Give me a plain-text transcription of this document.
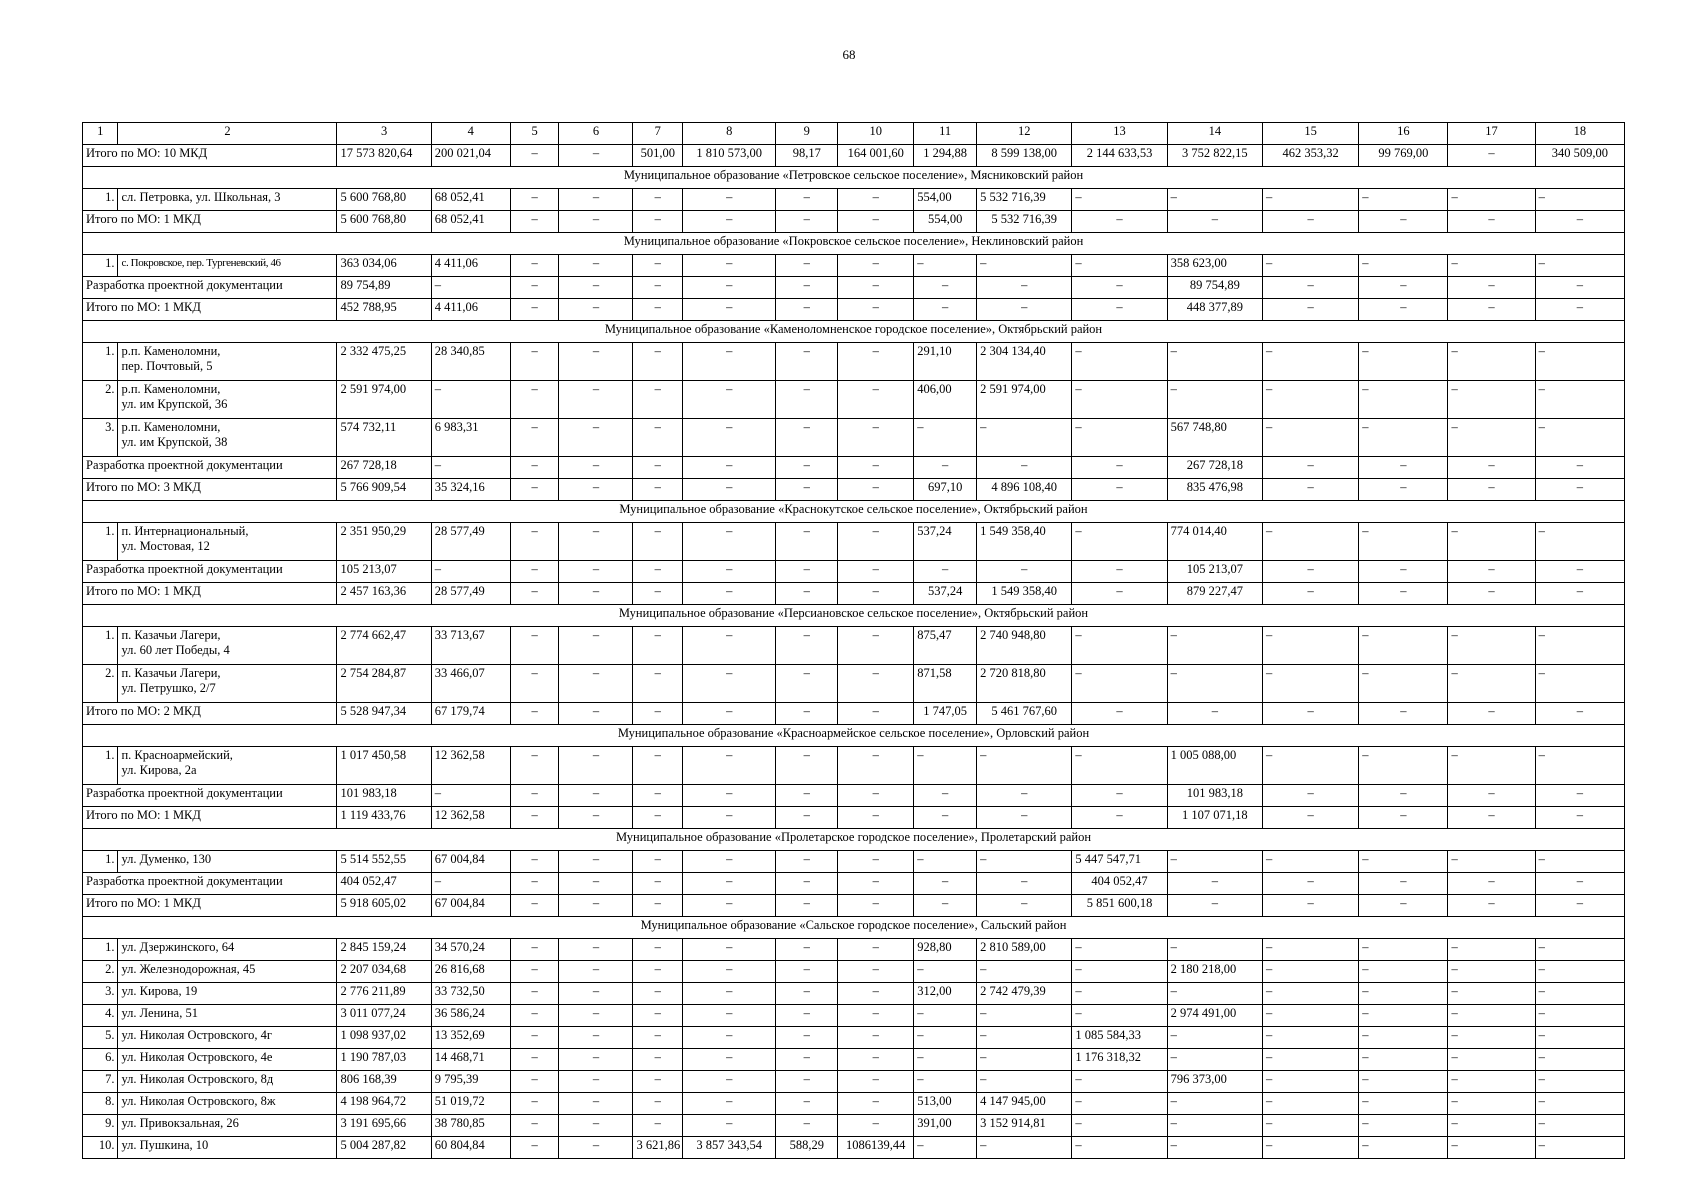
68
1	2	3	4	5	6	7	8	9	10	11	12	13	14	15	16	17	18
Итого по МО: 10 МКД		17 573 820,64	200 021,04	–	–	501,00	1 810 573,00	98,17	164 001,60	1 294,88	8 599 138,00	2 144 633,53	3 752 822,15	462 353,32	99 769,00	–	340 509,00
Муниципальное образование «Петровское сельское поселение», Мясниковский район																	
1.	сл. Петровка, ул. Школьная, 3	5 600 768,80	68 052,41	–	–	–	–	–	–	554,00	5 532 716,39	–	–	–	–	–	–
Итого по МО: 1 МКД		5 600 768,80	68 052,41	–	–	–	–	–	–	554,00	5 532 716,39	–	–	–	–	–	–
Муниципальное образование «Покровское сельское поселение», Неклиновский район																	
1.	с. Покровское, пер. Тургеневский, 46	363 034,06	4 411,06	–	–	–	–	–	–	–	–	–	358 623,00	–	–	–	–
Разработка проектной документации		89 754,89	–	–	–	–	–	–	–	–	–	–	89 754,89	–	–	–	–
Итого по МО: 1 МКД		452 788,95	4 411,06	–	–	–	–	–	–	–	–	–	448 377,89	–	–	–	–
Муниципальное образование «Каменоломненское городское поселение», Октябрьский район																	
1.	р.п. Каменоломни,
пер. Почтовый, 5	2 332 475,25	28 340,85	–	–	–	–	–	–	291,10	2 304 134,40	–	–	–	–	–	–
2.	р.п. Каменоломни,
ул. им Крупской, 36	2 591 974,00	–	–	–	–	–	–	–	406,00	2 591 974,00	–	–	–	–	–	–
3.	р.п. Каменоломни,
ул. им Крупской, 38	574 732,11	6 983,31	–	–	–	–	–	–	–	–	–	567 748,80	–	–	–	–
Разработка проектной документации		267 728,18	–	–	–	–	–	–	–	–	–	–	267 728,18	–	–	–	–
Итого по МО: 3 МКД		5 766 909,54	35 324,16	–	–	–	–	–	–	697,10	4 896 108,40	–	835 476,98	–	–	–	–
Муниципальное образование «Краснокутское сельское поселение», Октябрьский район																	
1.	п. Интернациональный,
ул. Мостовая, 12	2 351 950,29	28 577,49	–	–	–	–	–	–	537,24	1 549 358,40	–	774 014,40	–	–	–	–
Разработка проектной документации		105 213,07	–	–	–	–	–	–	–	–	–	–	105 213,07	–	–	–	–
Итого по МО: 1 МКД		2 457 163,36	28 577,49	–	–	–	–	–	–	537,24	1 549 358,40	–	879 227,47	–	–	–	–
Муниципальное образование «Персиановское сельское поселение», Октябрьский район																	
1.	п. Казачьи Лагери,
ул. 60 лет Победы, 4	2 774 662,47	33 713,67	–	–	–	–	–	–	875,47	2 740 948,80	–	–	–	–	–	–
2.	п. Казачьи Лагери,
ул. Петрушко, 2/7	2 754 284,87	33 466,07	–	–	–	–	–	–	871,58	2 720 818,80	–	–	–	–	–	–
Итого по МО: 2 МКД		5 528 947,34	67 179,74	–	–	–	–	–	–	1 747,05	5 461 767,60	–	–	–	–	–	–
Муниципальное образование «Красноармейское сельское поселение», Орловский район																	
1.	п. Красноармейский,
ул. Кирова, 2а	1 017 450,58	12 362,58	–	–	–	–	–	–	–	–	–	1 005 088,00	–	–	–	–
Разработка проектной документации		101 983,18	–	–	–	–	–	–	–	–	–	–	101 983,18	–	–	–	–
Итого по МО: 1 МКД		1 119 433,76	12 362,58	–	–	–	–	–	–	–	–	–	1 107 071,18	–	–	–	–
Муниципальное образование «Пролетарское городское поселение», Пролетарский район																	
1.	ул. Думенко, 130	5 514 552,55	67 004,84	–	–	–	–	–	–	–	–	5 447 547,71	–	–	–	–	–
Разработка проектной документации		404 052,47	–	–	–	–	–	–	–	–	–	404 052,47	–	–	–	–	–
Итого по МО: 1 МКД		5 918 605,02	67 004,84	–	–	–	–	–	–	–	–	5 851 600,18	–	–	–	–	–
Муниципальное образование «Сальское городское поселение», Сальский район																	
1.	ул. Дзержинского, 64	2 845 159,24	34 570,24	–	–	–	–	–	–	928,80	2 810 589,00	–	–	–	–	–	–
2.	ул. Железнодорожная, 45	2 207 034,68	26 816,68	–	–	–	–	–	–	–	–	–	2 180 218,00	–	–	–	–
3.	ул. Кирова, 19	2 776 211,89	33 732,50	–	–	–	–	–	–	312,00	2 742 479,39	–	–	–	–	–	–
4.	ул. Ленина, 51	3 011 077,24	36 586,24	–	–	–	–	–	–	–	–	–	2 974 491,00	–	–	–	–
5.	ул. Николая Островского, 4г	1 098 937,02	13 352,69	–	–	–	–	–	–	–	–	1 085 584,33	–	–	–	–	–
6.	ул. Николая Островского, 4е	1 190 787,03	14 468,71	–	–	–	–	–	–	–	–	1 176 318,32	–	–	–	–	–
7.	ул. Николая Островского, 8д	806 168,39	9 795,39	–	–	–	–	–	–	–	–	–	796 373,00	–	–	–	–
8.	ул. Николая Островского, 8ж	4 198 964,72	51 019,72	–	–	–	–	–	–	513,00	4 147 945,00	–	–	–	–	–	–
9.	ул. Привокзальная, 26	3 191 695,66	38 780,85	–	–	–	–	–	–	391,00	3 152 914,81	–	–	–	–	–	–
10.	ул. Пушкина, 10	5 004 287,82	60 804,84	–	–	3 621,86	3 857 343,54	588,29	1086139,44	–	–	–	–	–	–	–	–
